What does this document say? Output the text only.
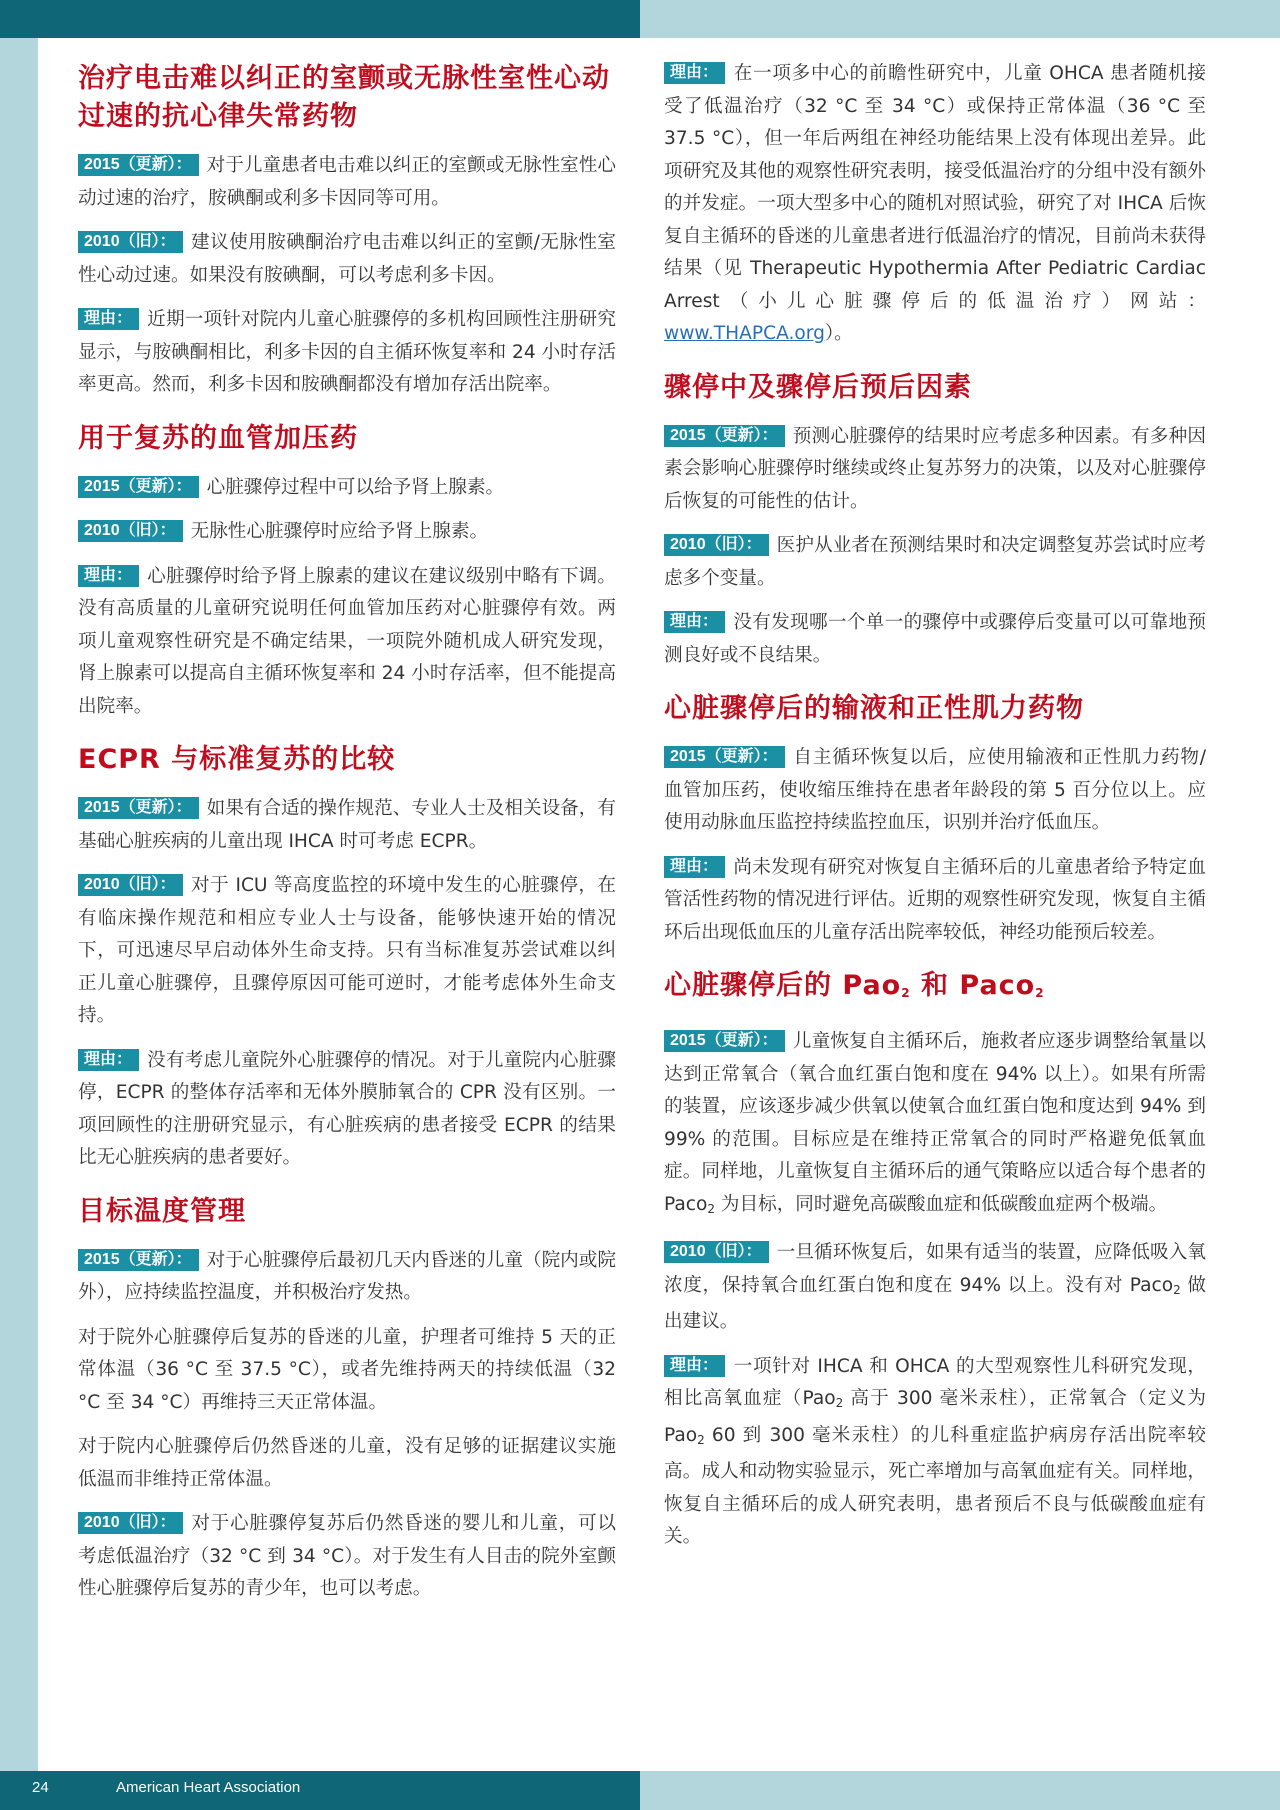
治疗电击难以纠正的室颤或无脉性室性心动过速的抗心律失常药物

2015（更新）： 对于儿童患者电击难以纠正的室颤或无脉性室性心动过速的治疗，胺碘酮或利多卡因同等可用。

2010（旧）： 建议使用胺碘酮治疗电击难以纠正的室颤/无脉性室性心动过速。如果没有胺碘酮，可以考虑利多卡因。

理由： 近期一项针对院内儿童心脏骤停的多机构回顾性注册研究显示，与胺碘酮相比，利多卡因的自主循环恢复率和 24 小时存活率更高。然而，利多卡因和胺碘酮都没有增加存活出院率。

用于复苏的血管加压药

2015（更新）： 心脏骤停过程中可以给予肾上腺素。

2010（旧）： 无脉性心脏骤停时应给予肾上腺素。

理由： 心脏骤停时给予肾上腺素的建议在建议级别中略有下调。没有高质量的儿童研究说明任何血管加压药对心脏骤停有效。两项儿童观察性研究是不确定结果，一项院外随机成人研究发现，肾上腺素可以提高自主循环恢复率和 24 小时存活率，但不能提高出院率。

ECPR 与标准复苏的比较

2015（更新）： 如果有合适的操作规范、专业人士及相关设备，有基础心脏疾病的儿童出现 IHCA 时可考虑 ECPR。

2010（旧）： 对于 ICU 等高度监控的环境中发生的心脏骤停，在有临床操作规范和相应专业人士与设备，能够快速开始的情况下，可迅速尽早启动体外生命支持。只有当标准复苏尝试难以纠正儿童心脏骤停，且骤停原因可能可逆时，才能考虑体外生命支持。

理由： 没有考虑儿童院外心脏骤停的情况。对于儿童院内心脏骤停，ECPR 的整体存活率和无体外膜肺氧合的 CPR 没有区别。一项回顾性的注册研究显示，有心脏疾病的患者接受 ECPR 的结果比无心脏疾病的患者要好。

目标温度管理

2015（更新）： 对于心脏骤停后最初几天内昏迷的儿童（院内或院外），应持续监控温度，并积极治疗发热。

对于院外心脏骤停后复苏的昏迷的儿童，护理者可维持 5 天的正常体温（36 °C 至 37.5 °C），或者先维持两天的持续低温（32 °C 至 34 °C）再维持三天正常体温。

对于院内心脏骤停后仍然昏迷的儿童，没有足够的证据建议实施低温而非维持正常体温。

2010（旧）： 对于心脏骤停复苏后仍然昏迷的婴儿和儿童，可以考虑低温治疗（32 °C 到 34 °C）。对于发生有人目击的院外室颤性心脏骤停后复苏的青少年，也可以考虑。

理由： 在一项多中心的前瞻性研究中，儿童 OHCA 患者随机接受了低温治疗（32 °C 至 34 °C）或保持正常体温（36 °C 至 37.5 °C），但一年后两组在神经功能结果上没有体现出差异。此项研究及其他的观察性研究表明，接受低温治疗的分组中没有额外的并发症。一项大型多中心的随机对照试验，研究了对 IHCA 后恢复自主循环的昏迷的儿童患者进行低温治疗的情况，目前尚未获得结果（见 Therapeutic Hypothermia After Pediatric Cardiac Arrest（小儿心脏骤停后的低温治疗）网站：www.THAPCA.org）。

骤停中及骤停后预后因素

2015（更新）： 预测心脏骤停的结果时应考虑多种因素。有多种因素会影响心脏骤停时继续或终止复苏努力的决策，以及对心脏骤停后恢复的可能性的估计。

2010（旧）： 医护从业者在预测结果时和决定调整复苏尝试时应考虑多个变量。

理由： 没有发现哪一个单一的骤停中或骤停后变量可以可靠地预测良好或不良结果。

心脏骤停后的输液和正性肌力药物

2015（更新）： 自主循环恢复以后，应使用输液和正性肌力药物/血管加压药，使收缩压维持在患者年龄段的第 5 百分位以上。应使用动脉血压监控持续监控血压，识别并治疗低血压。

理由： 尚未发现有研究对恢复自主循环后的儿童患者给予特定血管活性药物的情况进行评估。近期的观察性研究发现，恢复自主循环后出现低血压的儿童存活出院率较低，神经功能预后较差。

心脏骤停后的 Pao$_2$ 和 Paco$_2$

2015（更新）： 儿童恢复自主循环后，施救者应逐步调整给氧量以达到正常氧合（氧合血红蛋白饱和度在 94% 以上）。如果有所需的装置，应该逐步减少供氧以使氧合血红蛋白饱和度达到 94% 到 99% 的范围。目标应是在维持正常氧合的同时严格避免低氧血症。同样地，儿童恢复自主循环后的通气策略应以适合每个患者的 Paco$_2$ 为目标，同时避免高碳酸血症和低碳酸血症两个极端。

2010（旧）： 一旦循环恢复后，如果有适当的装置，应降低吸入氧浓度，保持氧合血红蛋白饱和度在 94% 以上。没有对 Paco$_2$ 做出建议。

理由： 一项针对 IHCA 和 OHCA 的大型观察性儿科研究发现，相比高氧血症（Pao$_2$ 高于 300 毫米汞柱），正常氧合（定义为 Pao$_2$ 60 到 300 毫米汞柱）的儿科重症监护病房存活出院率较高。成人和动物实验显示，死亡率增加与高氧血症有关。同样地，恢复自主循环后的成人研究表明，患者预后不良与低碳酸血症有关。

24	American Heart Association
